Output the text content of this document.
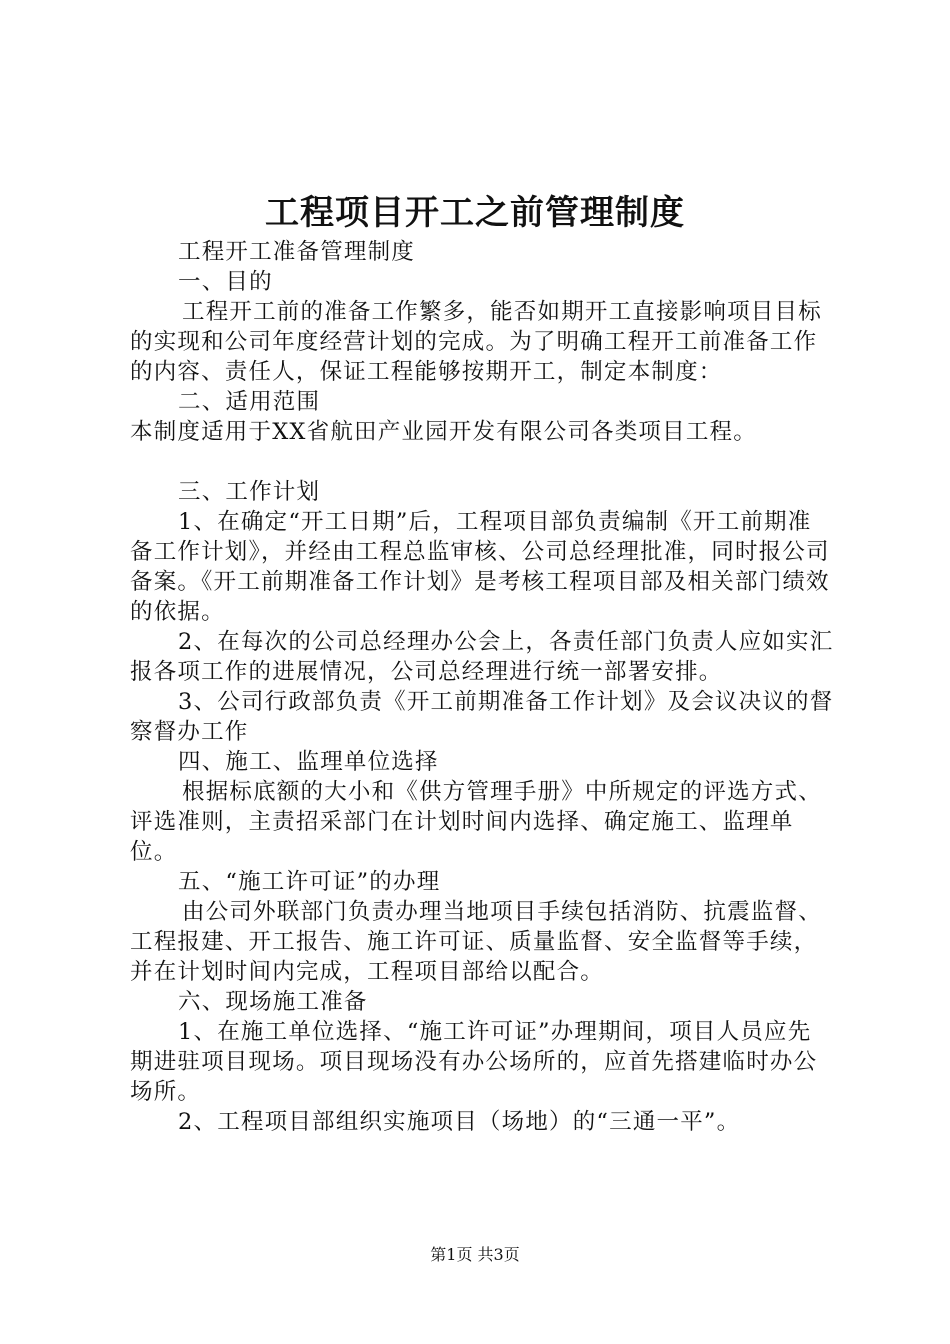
工程项目开工之前管理制度

工程开工准备管理制度

一、目的

工程开工前的准备工作繁多，能否如期开工直接影响项目目标的实现和公司年度经营计划的完成。为了明确工程开工前准备工作的内容、责任人，保证工程能够按期开工，制定本制度：

二、适用范围

本制度适用于XX省航田产业园开发有限公司各类项目工程。

三、工作计划

1、在确定“开工日期”后，工程项目部负责编制《开工前期准备工作计划》，并经由工程总监审核、公司总经理批准，同时报公司备案。《开工前期准备工作计划》是考核工程项目部及相关部门绩效的依据。

2、在每次的公司总经理办公会上，各责任部门负责人应如实汇报各项工作的进展情况，公司总经理进行统一部署安排。

3、公司行政部负责《开工前期准备工作计划》及会议决议的督察督办工作

四、施工、监理单位选择

根据标底额的大小和《供方管理手册》中所规定的评选方式、评选准则，主责招采部门在计划时间内选择、确定施工、监理单位。

五、“施工许可证”的办理

由公司外联部门负责办理当地项目手续包括消防、抗震监督、工程报建、开工报告、施工许可证、质量监督、安全监督等手续，并在计划时间内完成，工程项目部给以配合。

六、现场施工准备

1、在施工单位选择、“施工许可证”办理期间，项目人员应先期进驻项目现场。项目现场没有办公场所的，应首先搭建临时办公场所。

2、工程项目部组织实施项目（场地）的“三通一平”。

第1页 共3页
